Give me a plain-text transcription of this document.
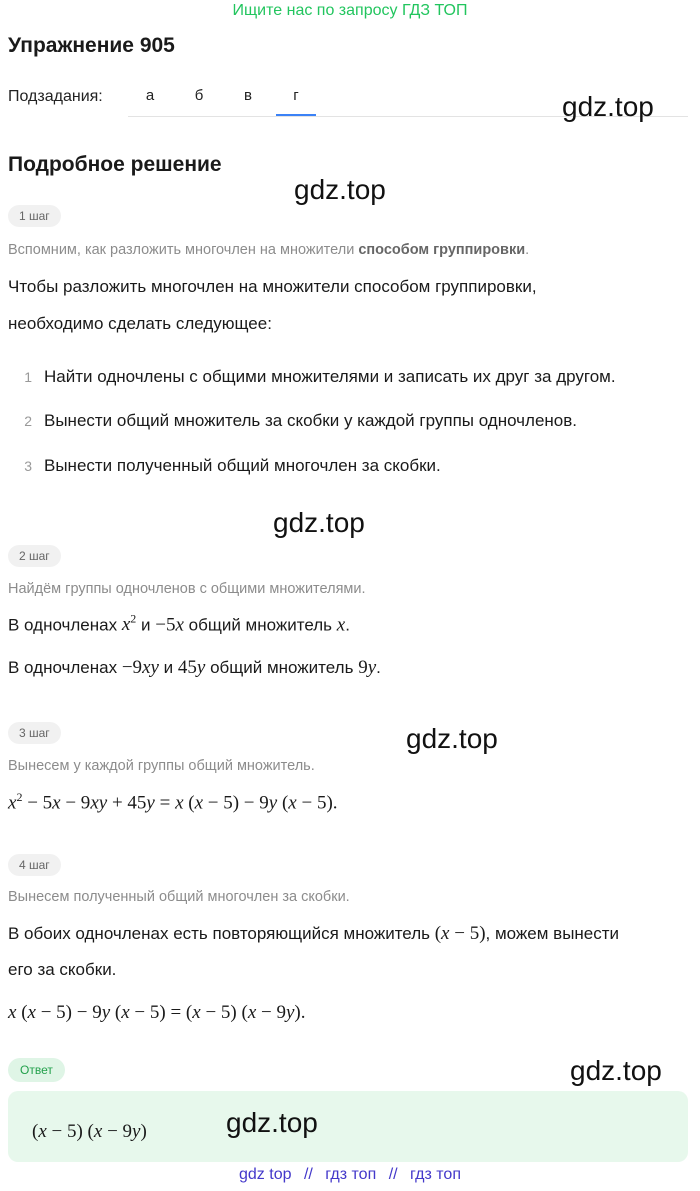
Ищите нас по запросу ГДЗ ТОП
Упражнение 905
Подзадания:	а	б	в	г	gdz.top
Подробное решение
gdz.top
1 шаг
Вспомним, как разложить многочлен на множители способом группировки.
Чтобы разложить многочлен на множители способом группировки,
необходимо сделать следующее:
1 Найти одночлены с общими множителями и записать их друг за другом.
2 Вынести общий множитель за скобки у каждой группы одночленов.
3 Вынести полученный общий многочлен за скобки.
gdz.top
2 шаг
Найдём группы одночленов с общими множителями.
В одночленах $x^2$ и −5x общий множитель x.
В одночленах −9xy и 45y общий множитель 9y.
3 шаг	gdz.top
Вынесем у каждой группы общий множитель.
$x^2 - 5x - 9xy + 45y = x$ (x − 5) − 9y (x − 5).
4 шаг
Вынесем полученный общий многочлен за скобки.
В обоих одночленах есть повторяющийся множитель (x − 5), можем вынести
его за скобки.
x (x − 5) − 9y (x − 5) = (x − 5) (x − 9y).
gdz.top
Ответ
(x − 5) (x − 9y)	gdz.top
gdz top // гдз топ // гдз топ
